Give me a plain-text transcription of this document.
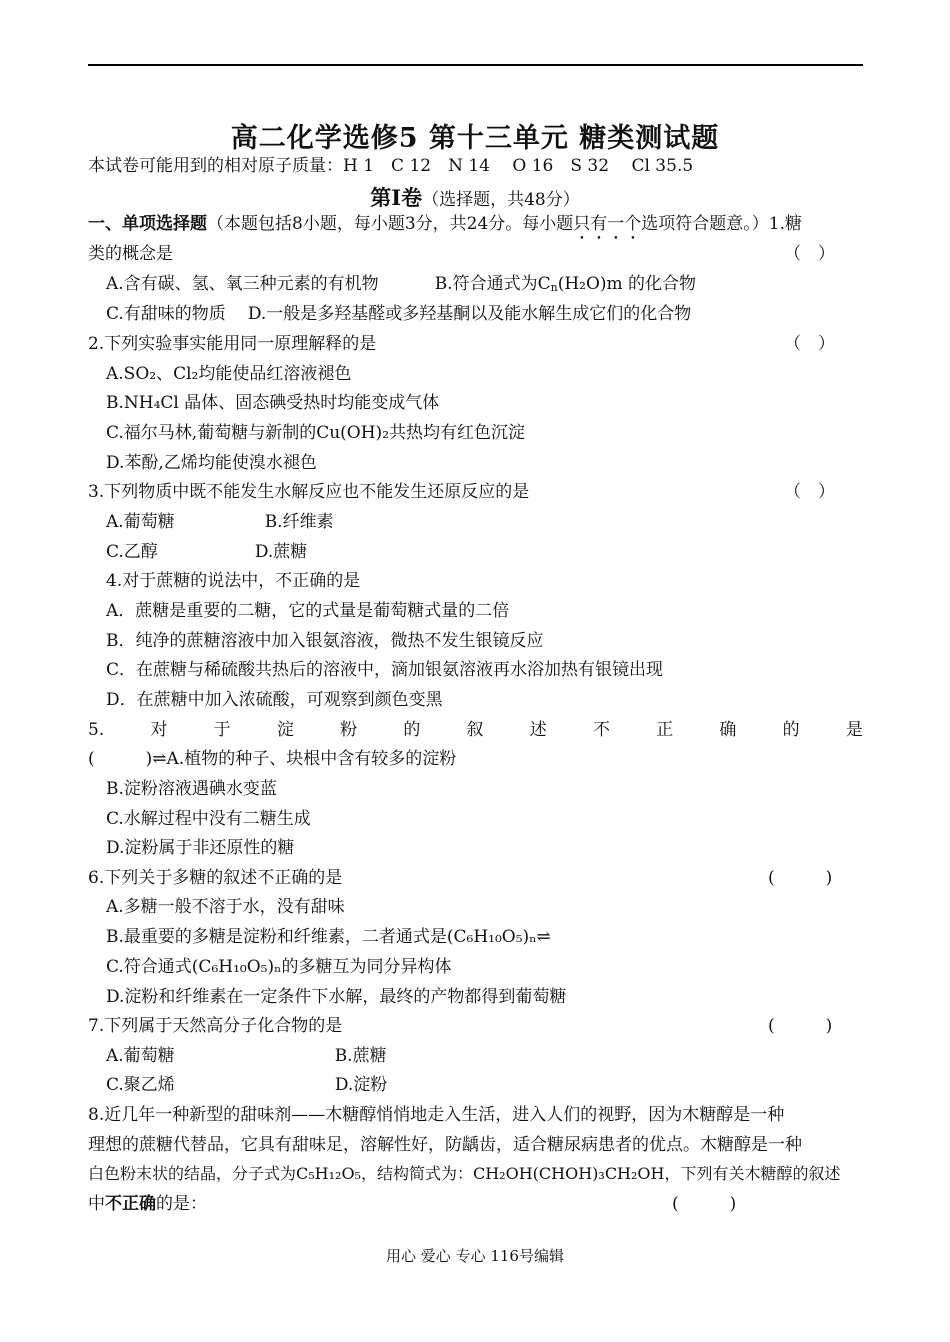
高二化学选修5 第十三单元 糖类测试题
本试卷可能用到的相对原子质量：H 1　C 12　N 14　 O 16　S 32　 Cl 35.5
第Ⅰ卷（选择题，共48分）
一、单项选择题（本题包括8小题，每小题3分，共24分。每小题只有一个选项符合题意。）1.糖
类的概念是	（　）
A.含有碳、氢、氧三种元素的有机物	B.符合通式为$C_n(H_2O)m$ 的化合物
C.有甜味的物质 D.一般是多羟基醛或多羟基酮以及能水解生成它们的化合物
2.下列实验事实能用同一原理解释的是	（　）
A.SO₂、Cl₂均能使品红溶液褪色
B.NH₄Cl 晶体、固态碘受热时均能变成气体
C.福尔马林,葡萄糖与新制的Cu(OH)₂共热均有红色沉淀
D.苯酚,乙烯均能使溴水褪色
3.下列物质中既不能发生水解反应也不能发生还原反应的是	（　）
A.葡萄糖	B.纤维素
C.乙醇	D.蔗糖
4.对于蔗糖的说法中，不正确的是
A．蔗糖是重要的二糖，它的式量是葡萄糖式量的二倍
B．纯净的蔗糖溶液中加入银氨溶液，微热不发生银镜反应
C．在蔗糖与稀硫酸共热后的溶液中，滴加银氨溶液再水浴加热有银镜出现
D．在蔗糖中加入浓硫酸，可观察到颜色变黑
5.	对	于	淀	粉	的	叙	述	不	正	确	的	是
(　　　)⇌A.植物的种子、块根中含有较多的淀粉
B.淀粉溶液遇碘水变蓝
C.水解过程中没有二糖生成
D.淀粉属于非还原性的糖
6.下列关于多糖的叙述不正确的是	(　　　)
A.多糖一般不溶于水，没有甜味
B.最重要的多糖是淀粉和纤维素，二者通式是(C₆H₁₀O₅)ₙ⇌
C.符合通式(C₆H₁₀O₅)ₙ的多糖互为同分异构体
D.淀粉和纤维素在一定条件下水解，最终的产物都得到葡萄糖
7.下列属于天然高分子化合物的是	(　　　)
A.葡萄糖	B.蔗糖
C.聚乙烯	D.淀粉
8.近几年一种新型的甜味剂——木糖醇悄悄地走入生活，进入人们的视野，因为木糖醇是一种
理想的蔗糖代替品，它具有甜味足，溶解性好，防龋齿，适合糖尿病患者的优点。木糖醇是一种
白色粉末状的结晶，分子式为C₅H₁₂O₅，结构简式为：CH₂OH(CHOH)₃CH₂OH，下列有关木糖醇的叙述
中不正确的是：	(　　　)
用心 爱心 专心 116号编辑
